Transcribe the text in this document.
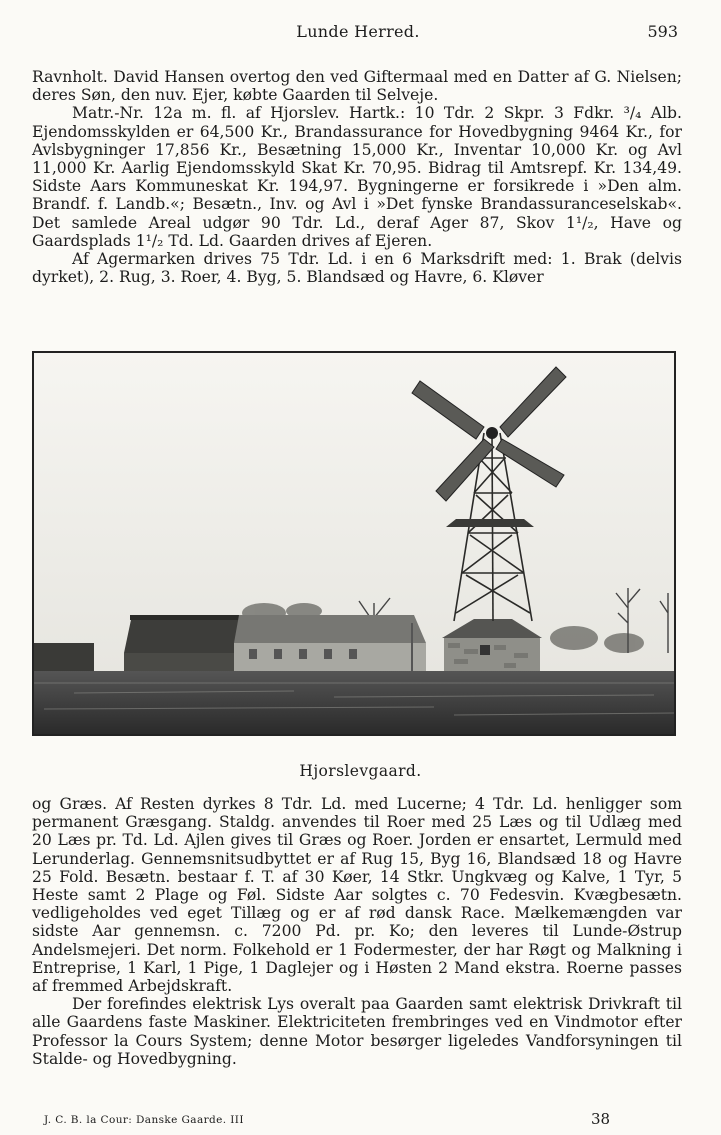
Lunde Herred.	593

Ravnholt. David Hansen overtog den ved Giftermaal med en Datter af G. Nielsen; deres Søn, den nuv. Ejer, købte Gaarden til Selveje.

Matr.-Nr. 12a m. fl. af Hjorslev. Hartk.: 10 Tdr. 2 Skpr. 3 Fdkr. ³/₄ Alb. Ejendomsskylden er 64,500 Kr., Brandassurance for Hovedbygning 9464 Kr., for Avlsbygninger 17,856 Kr., Besætning 15,000 Kr., Inventar 10,000 Kr. og Avl 11,000 Kr. Aarlig Ejendomsskyld Skat Kr. 70,95. Bidrag til Amtsrepf. Kr. 134,49. Sidste Aars Kommuneskat Kr. 194,97. Bygningerne er forsikrede i »Den alm. Brandf. f. Landb.«; Besætn., Inv. og Avl i »Det fynske Brandassuranceselskab«. Det samlede Areal udgør 90 Tdr. Ld., deraf Ager 87, Skov 1¹/₂, Have og Gaardsplads 1¹/₂ Td. Ld. Gaarden drives af Ejeren.

Af Agermarken drives 75 Tdr. Ld. i en 6 Marksdrift med: 1. Brak (delvis dyrket), 2. Rug, 3. Roer, 4. Byg, 5. Blandsæd og Havre, 6. Kløver

Hjorslevgaard.

og Græs. Af Resten dyrkes 8 Tdr. Ld. med Lucerne; 4 Tdr. Ld. henligger som permanent Græsgang. Staldg. anvendes til Roer med 25 Læs og til Udlæg med 20 Læs pr. Td. Ld. Ajlen gives til Græs og Roer. Jorden er ensartet, Lermuld med Lerunderlag. Gennemsnitsudbyttet er af Rug 15, Byg 16, Blandsæd 18 og Havre 25 Fold. Besætn. bestaar f. T. af 30 Køer, 14 Stkr. Ungkvæg og Kalve, 1 Tyr, 5 Heste samt 2 Plage og Føl. Sidste Aar solgtes c. 70 Fedesvin. Kvægbesætn. vedligeholdes ved eget Tillæg og er af rød dansk Race. Mælkemængden var sidste Aar gennemsn. c. 7200 Pd. pr. Ko; den leveres til Lunde-Østrup Andelsmejeri. Det norm. Folkehold er 1 Fodermester, der har Røgt og Malkning i Entreprise, 1 Karl, 1 Pige, 1 Daglejer og i Høsten 2 Mand ekstra. Roerne passes af fremmed Arbejdskraft.

Der forefindes elektrisk Lys overalt paa Gaarden samt elektrisk Drivkraft til alle Gaardens faste Maskiner. Elektriciteten frembringes ved en Vindmotor efter Professor la Cours System; denne Motor besørger ligeledes Vandforsyningen til Stalde- og Hovedbygning.

J. C. B. la Cour: Danske Gaarde. III	38
